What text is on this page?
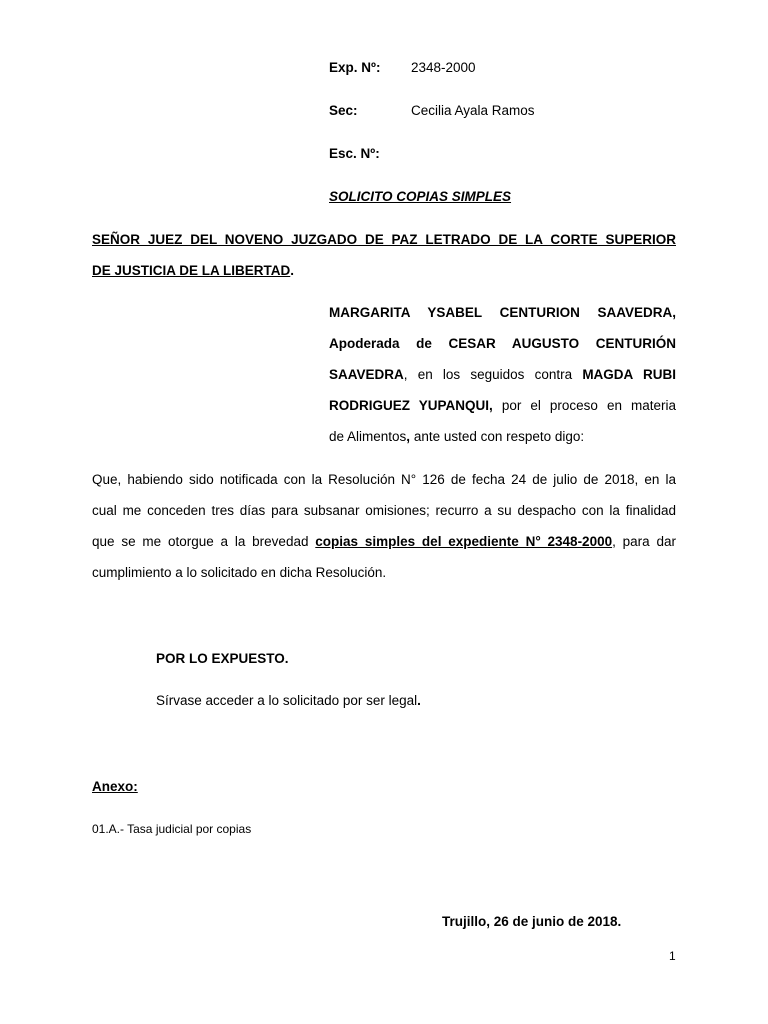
Exp. Nº: 2348-2000
Sec:	Cecilia Ayala Ramos
Esc. Nº:
SOLICITO COPIAS SIMPLES
SEÑOR JUEZ DEL NOVENO JUZGADO DE PAZ LETRADO DE LA CORTE SUPERIOR
DE JUSTICIA DE LA LIBERTAD.
MARGARITA YSABEL CENTURION SAAVEDRA,
Apoderada de CESAR AUGUSTO CENTURIÓN
SAAVEDRA, en los seguidos contra MAGDA RUBI
RODRIGUEZ YUPANQUI, por el proceso en materia
de Alimentos, ante usted con respeto digo:
Que, habiendo sido notificada con la Resolución N° 126 de fecha 24 de julio de 2018, en la
cual me conceden tres días para subsanar omisiones; recurro a su despacho con la finalidad
que se me otorgue a la brevedad copias simples del expediente N° 2348-2000, para dar
cumplimiento a lo solicitado en dicha Resolución.
POR LO EXPUESTO.
Sírvase acceder a lo solicitado por ser legal.
Anexo:
01.A.- Tasa judicial por copias
Trujillo, 26 de junio de 2018.
1
